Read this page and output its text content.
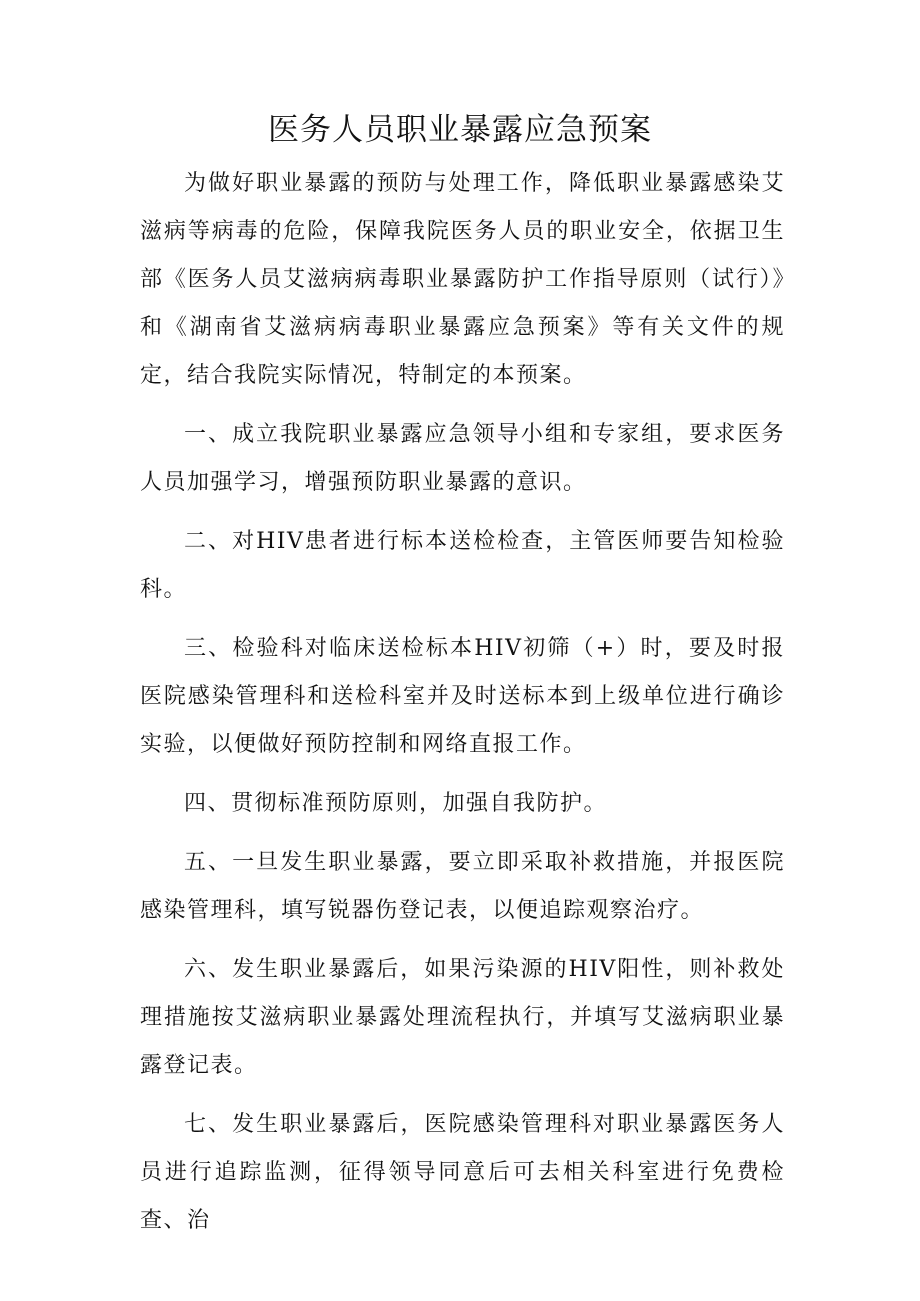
医务人员职业暴露应急预案

为做好职业暴露的预防与处理工作，降低职业暴露感染艾滋病等病毒的危险，保障我院医务人员的职业安全，依据卫生部《医务人员艾滋病病毒职业暴露防护工作指导原则（试行）》和《湖南省艾滋病病毒职业暴露应急预案》等有关文件的规定，结合我院实际情况，特制定的本预案。

一、成立我院职业暴露应急领导小组和专家组，要求医务人员加强学习，增强预防职业暴露的意识。

二、对HIV患者进行标本送检检查，主管医师要告知检验科。

三、检验科对临床送检标本HIV初筛（+）时，要及时报医院感染管理科和送检科室并及时送标本到上级单位进行确诊实验，以便做好预防控制和网络直报工作。

四、贯彻标准预防原则，加强自我防护。

五、一旦发生职业暴露，要立即采取补救措施，并报医院感染管理科，填写锐器伤登记表，以便追踪观察治疗。

六、发生职业暴露后，如果污染源的HIV阳性，则补救处理措施按艾滋病职业暴露处理流程执行，并填写艾滋病职业暴露登记表。

七、发生职业暴露后，医院感染管理科对职业暴露医务人员进行追踪监测，征得领导同意后可去相关科室进行免费检查、治
